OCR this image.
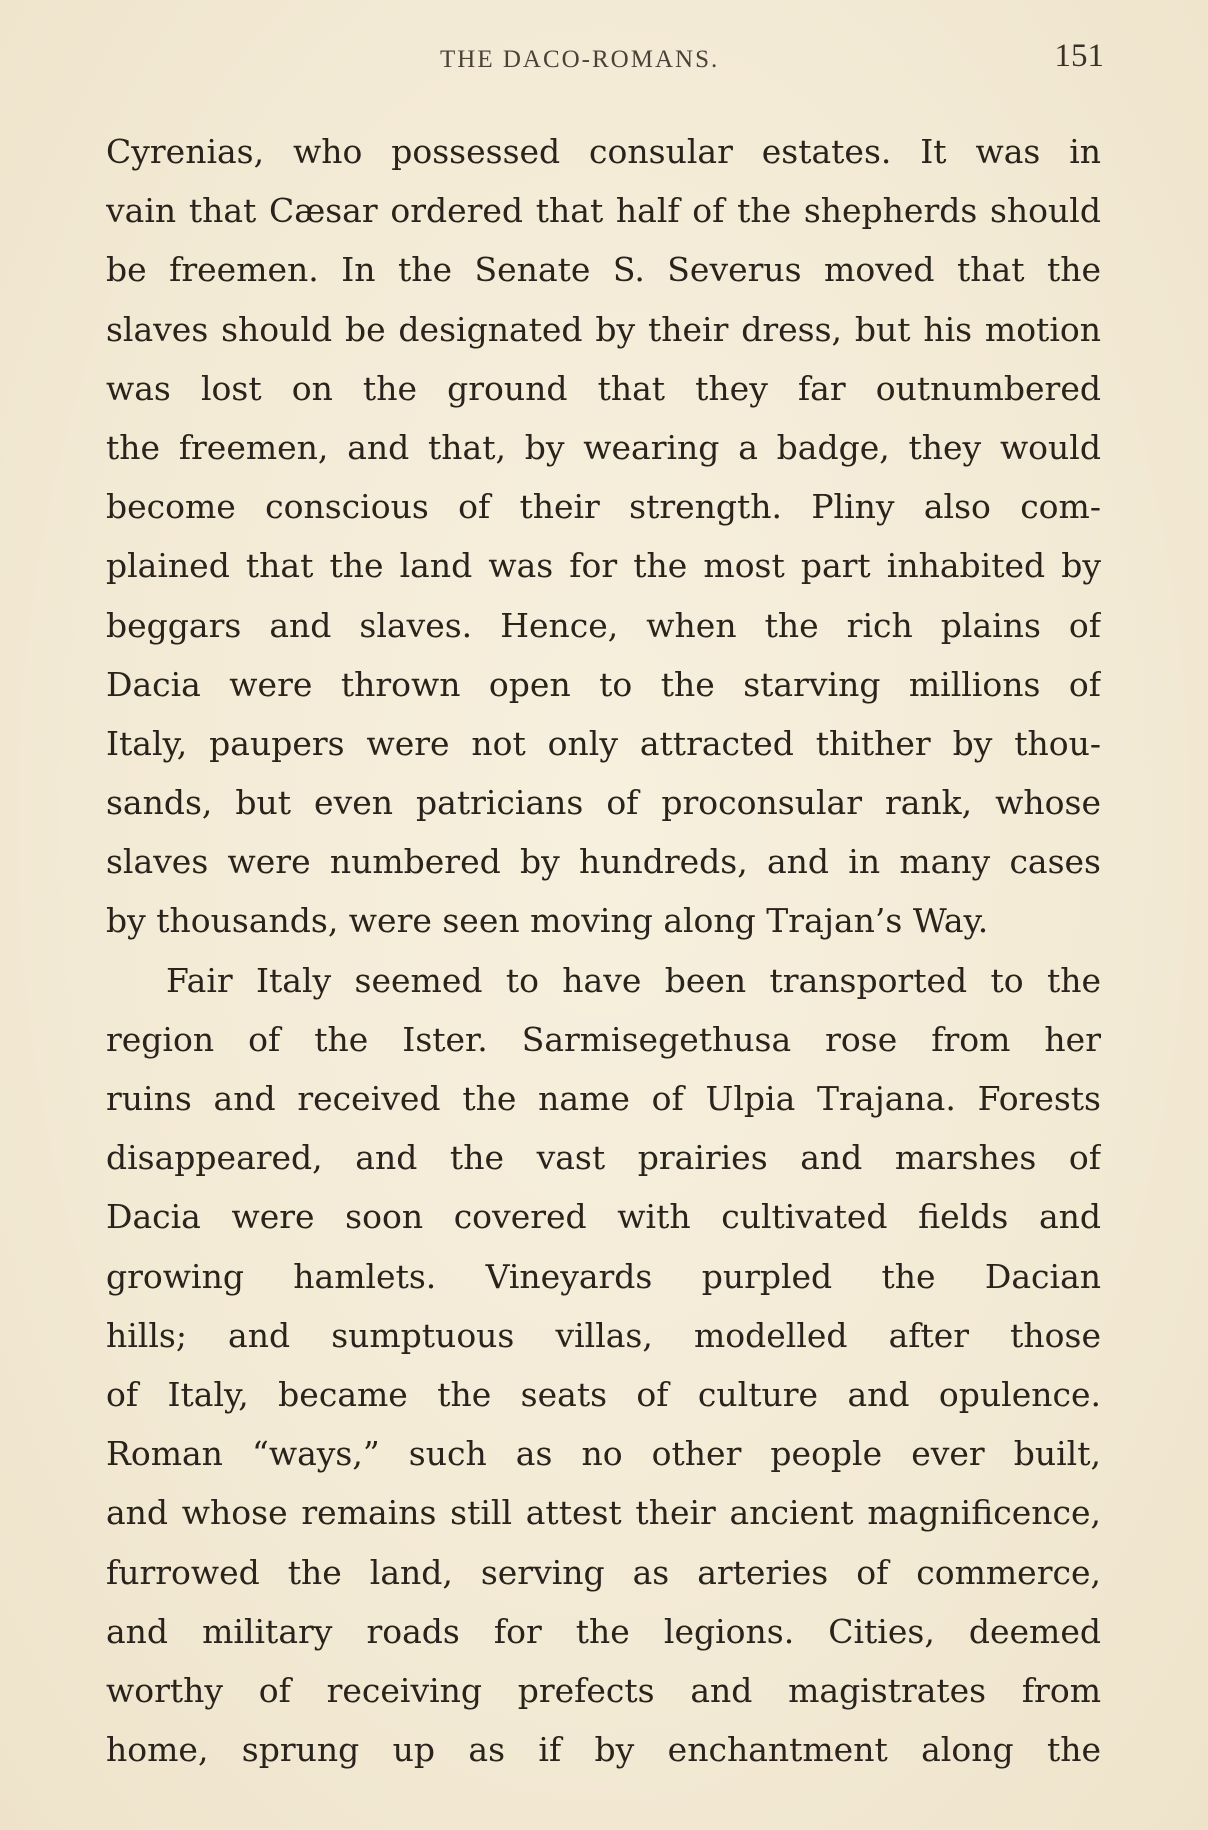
THE DACO-ROMANS.	151
Cyrenias, who possessed consular estates. It was in
vain that Cæsar ordered that half of the shepherds should
be freemen. In the Senate S. Severus moved that the
slaves should be designated by their dress, but his motion
was lost on the ground that they far outnumbered
the freemen, and that, by wearing a badge, they would
become conscious of their strength. Pliny also com-
plained that the land was for the most part inhabited by
beggars and slaves. Hence, when the rich plains of
Dacia were thrown open to the starving millions of
Italy, paupers were not only attracted thither by thou-
sands, but even patricians of proconsular rank, whose
slaves were numbered by hundreds, and in many cases
by thousands, were seen moving along Trajan’s Way.
Fair Italy seemed to have been transported to the
region of the Ister. Sarmisegethusa rose from her
ruins and received the name of Ulpia Trajana. Forests
disappeared, and the vast prairies and marshes of
Dacia were soon covered with cultivated fields and
growing hamlets. Vineyards purpled the Dacian
hills; and sumptuous villas, modelled after those
of Italy, became the seats of culture and opulence.
Roman “ways,” such as no other people ever built,
and whose remains still attest their ancient magnificence,
furrowed the land, serving as arteries of commerce,
and military roads for the legions. Cities, deemed
worthy of receiving prefects and magistrates from
home, sprung up as if by enchantment along the
